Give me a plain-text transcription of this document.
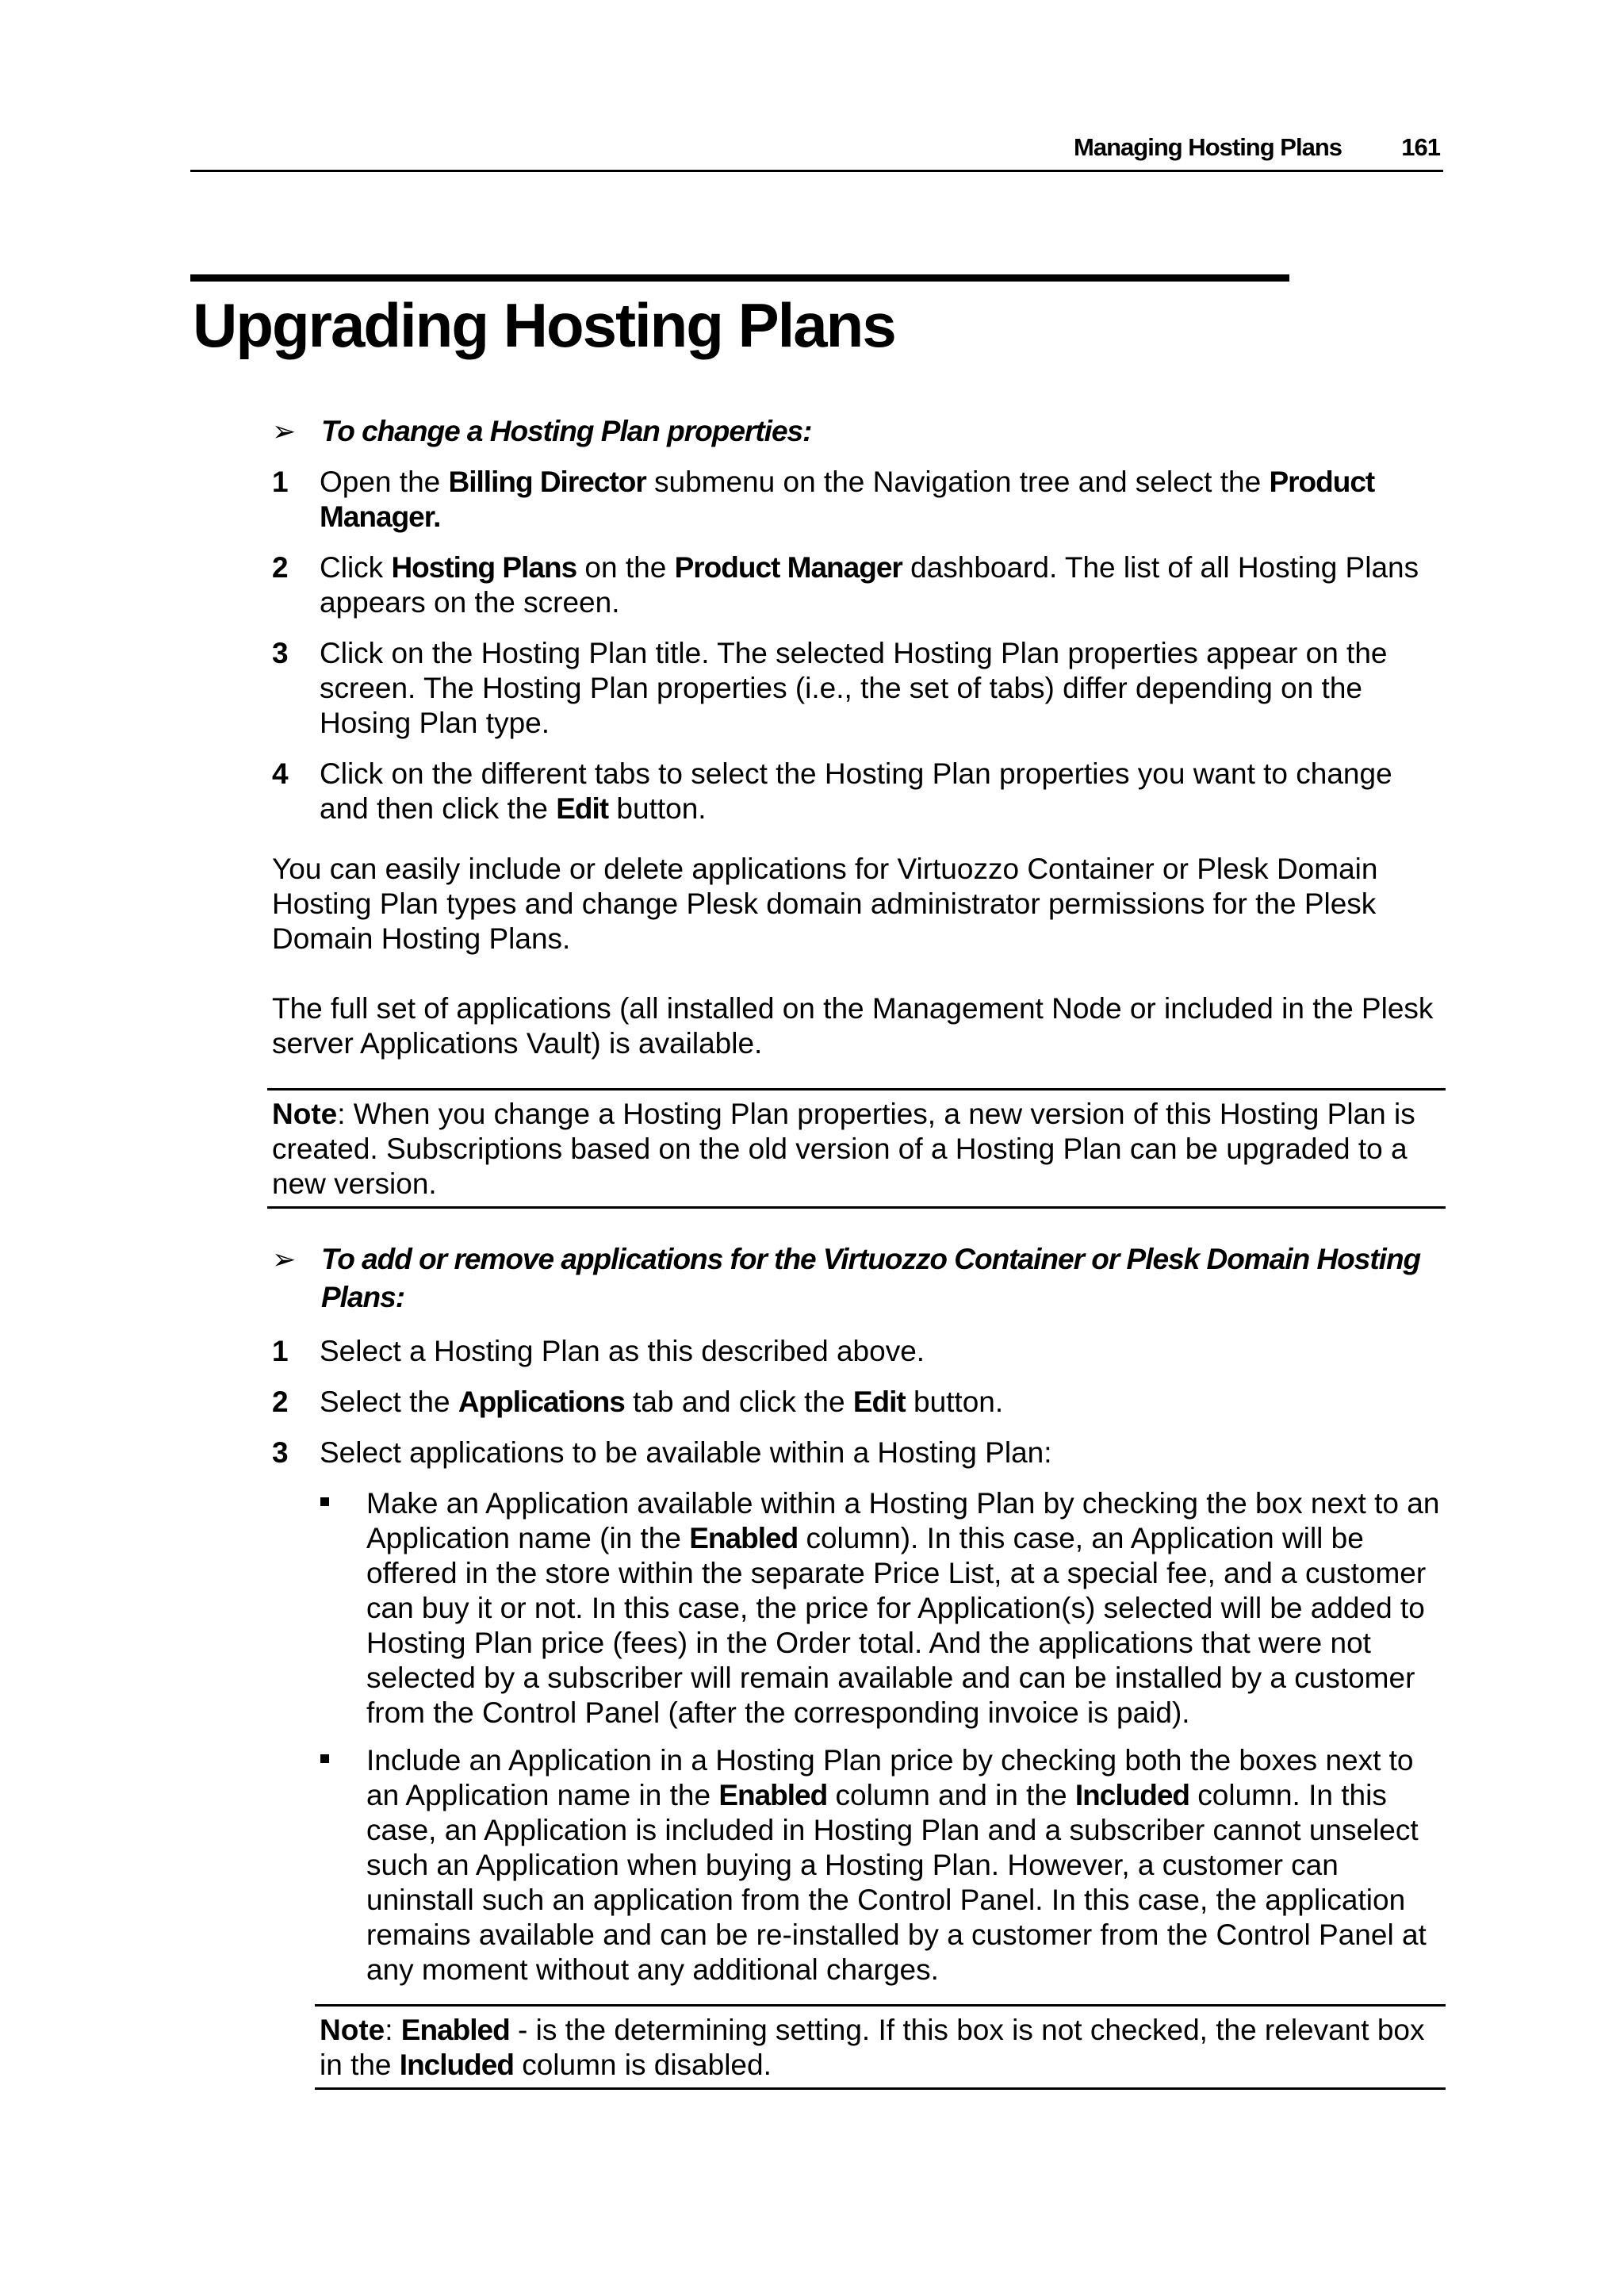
Managing Hosting Plans 161
Upgrading Hosting Plans
➢ To change a Hosting Plan properties:
1	Open the Billing Director submenu on the Navigation tree and select the Product Manager.
2	Click Hosting Plans on the Product Manager dashboard. The list of all Hosting Plans appears on the screen.
3	Click on the Hosting Plan title. The selected Hosting Plan properties appear on the screen. The Hosting Plan properties (i.e., the set of tabs) differ depending on the Hosing Plan type.
4	Click on the different tabs to select the Hosting Plan properties you want to change and then click the Edit button.
You can easily include or delete applications for Virtuozzo Container or Plesk Domain Hosting Plan types and change Plesk domain administrator permissions for the Plesk Domain Hosting Plans.
The full set of applications (all installed on the Management Node or included in the Plesk server Applications Vault) is available.
Note: When you change a Hosting Plan properties, a new version of this Hosting Plan is created. Subscriptions based on the old version of a Hosting Plan can be upgraded to a new version.
➢ To add or remove applications for the Virtuozzo Container or Plesk Domain Hosting Plans:
1	Select a Hosting Plan as this described above.
2	Select the Applications tab and click the Edit button.
3	Select applications to be available within a Hosting Plan:
Make an Application available within a Hosting Plan by checking the box next to an Application name (in the Enabled column). In this case, an Application will be offered in the store within the separate Price List, at a special fee, and a customer can buy it or not. In this case, the price for Application(s) selected will be added to Hosting Plan price (fees) in the Order total. And the applications that were not selected by a subscriber will remain available and can be installed by a customer from the Control Panel (after the corresponding invoice is paid).
Include an Application in a Hosting Plan price by checking both the boxes next to an Application name in the Enabled column and in the Included column. In this case, an Application is included in Hosting Plan and a subscriber cannot unselect such an Application when buying a Hosting Plan. However, a customer can uninstall such an application from the Control Panel. In this case, the application remains available and can be re-installed by a customer from the Control Panel at any moment without any additional charges.
Note: Enabled - is the determining setting. If this box is not checked, the relevant box in the Included column is disabled.
